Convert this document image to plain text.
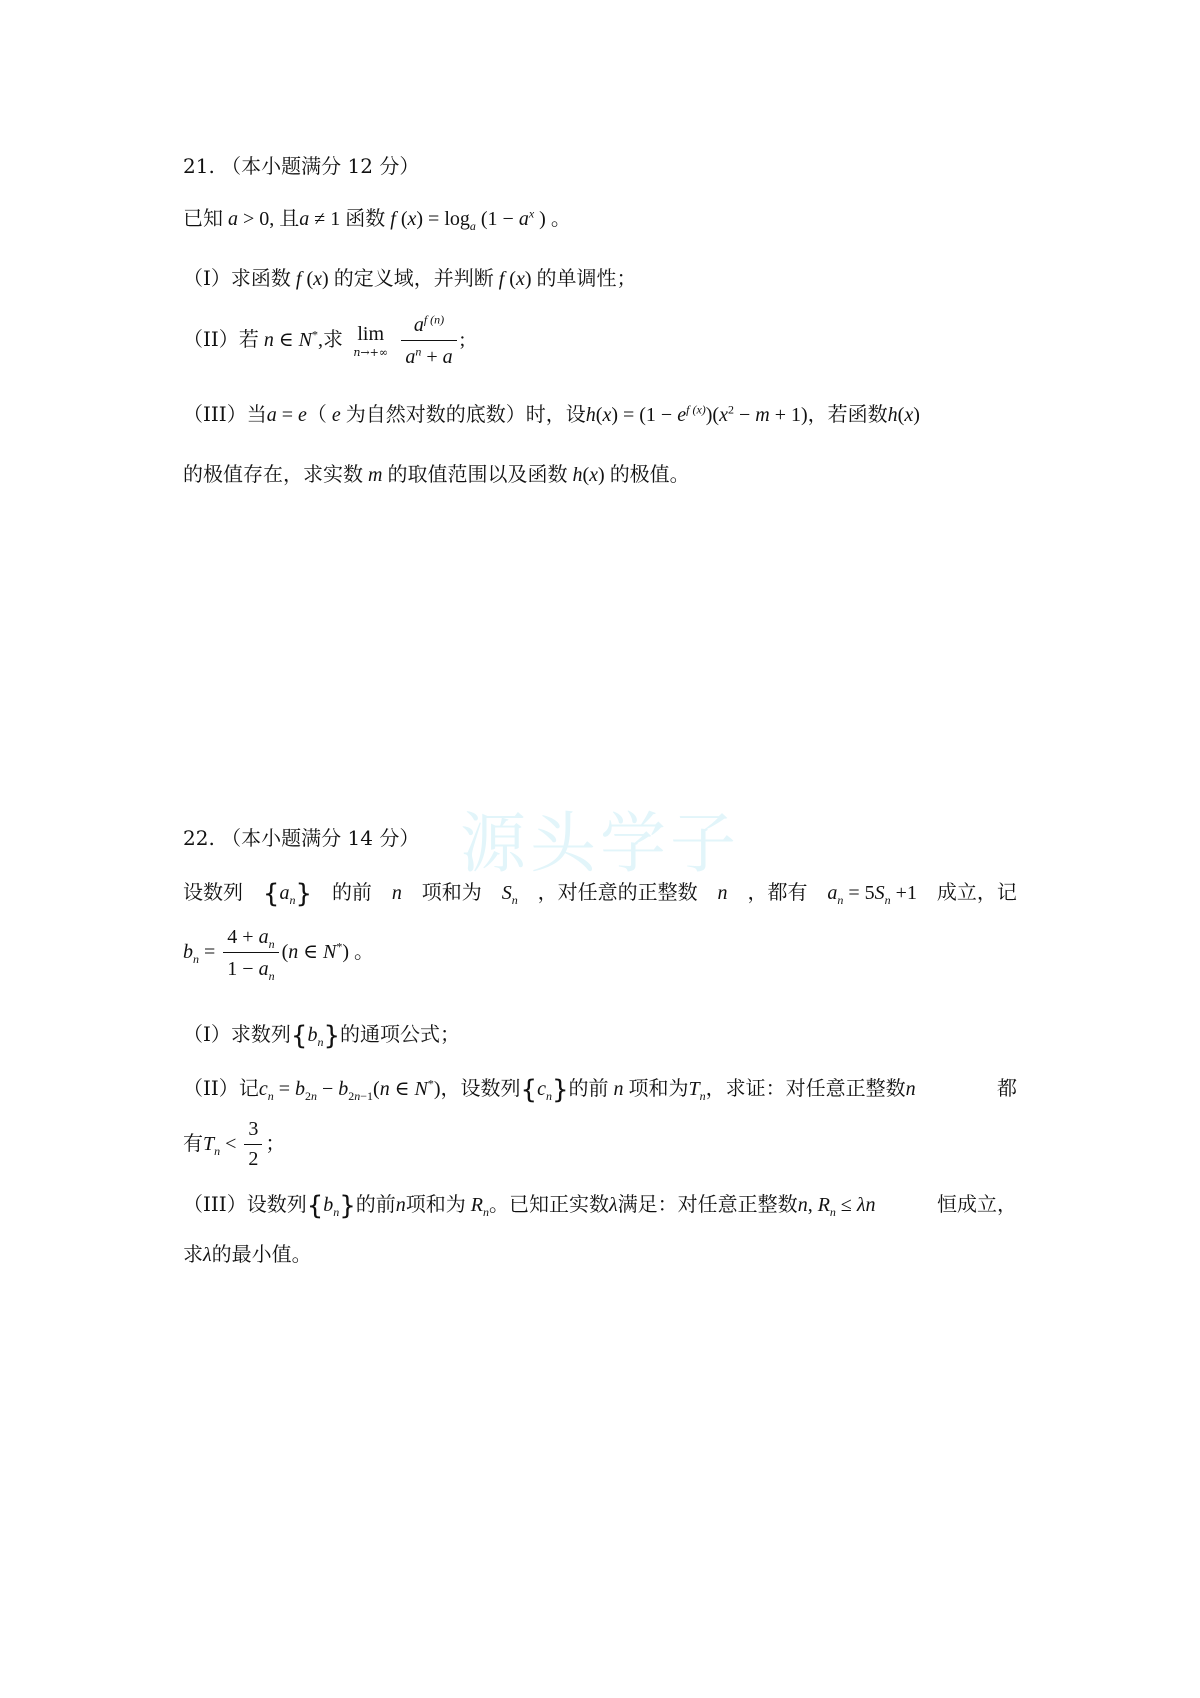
21. （本小题满分 12 分）
已知 a > 0, 且a ≠ 1 函数 f $(x) = \log_a (1 - a^x$ ) 。
（I）求函数 f (x) 的定义域，并判断 f (x) 的单调性；
（II）若 n ∈ N*,求 lim
n→+∞
$\frac{a^{f (n)}}{a^n + a}$ ;
（III）当a = e（ e 为自然对数的底数）时，设$h(x) = (1 - e^{f (x)})(x^2 - m + 1)$，若函数h(x)
的极值存在，求实数 m 的取值范围以及函数 h(x) 的极值。
源头学子
22. （本小题满分 14 分）
设数列 $\{a_n\}$ 的前 n 项和为 $S_n$ ，对任意的正整数 n ，都有 $a_n = 5S_n +1$ 成立，记
$b_n = \frac{4 + a_n}{1 - a_n} (n$ ∈ N*) 。
（I）求数列$\{b_n\}$的通项公式；
（II）记$c_n = b_{2n} - b_{2n-1}(n$ ∈ N*)，设数列$\{c_n\}$的前 n 项和为$T_n$，求证：对任意正整数n	都
有$T_n < \frac{3}{2}$ ；
（III）设数列$\{b_n\}$的前n项和为 $R_n$。已知正实数λ满足：对任意正整数n, $R_n \le \lambda n$	恒成立，
求λ的最小值。
